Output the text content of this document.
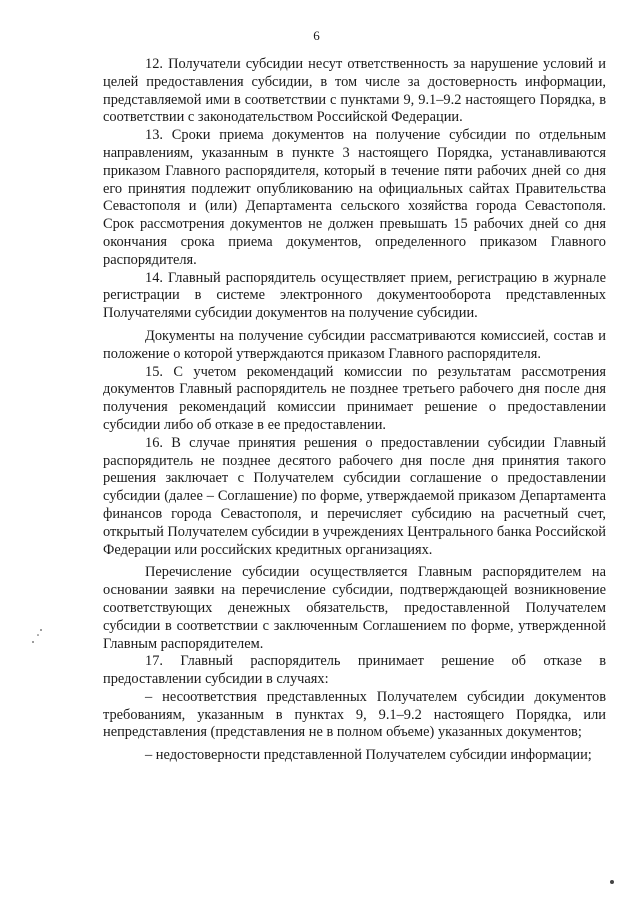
6

12. Получатели субсидии несут ответственность за нарушение условий и целей предоставления субсидии, в том числе за достоверность информации, представляемой ими в соответствии с пунктами 9, 9.1–9.2 настоящего Порядка, в соответствии с законодательством Российской Федерации.

13. Сроки приема документов на получение субсидии по отдельным направлениям, указанным в пункте 3 настоящего Порядка, устанавливаются приказом Главного распорядителя, который в течение пяти рабочих дней со дня его принятия подлежит опубликованию на официальных сайтах Правительства Севастополя и (или) Департамента сельского хозяйства города Севастополя. Срок рассмотрения документов не должен превышать 15 рабочих дней со дня окончания срока приема документов, определенного приказом Главного распорядителя.

14. Главный распорядитель осуществляет прием, регистрацию в журнале регистрации в системе электронного документооборота представленных Получателями субсидии документов на получение субсидии.

Документы на получение субсидии рассматриваются комиссией, состав и положение о которой утверждаются приказом Главного распорядителя.

15. С учетом рекомендаций комиссии по результатам рассмотрения документов Главный распорядитель не позднее третьего рабочего дня после дня получения рекомендаций комиссии принимает решение о предоставлении субсидии либо об отказе в ее предоставлении.

16. В случае принятия решения о предоставлении субсидии Главный распорядитель не позднее десятого рабочего дня после дня принятия такого решения заключает с Получателем субсидии соглашение о предоставлении субсидии (далее – Соглашение) по форме, утверждаемой приказом Департамента финансов города Севастополя, и перечисляет субсидию на расчетный счет, открытый Получателем субсидии в учреждениях Центрального банка Российской Федерации или российских кредитных организациях.

Перечисление субсидии осуществляется Главным распорядителем на основании заявки на перечисление субсидии, подтверждающей возникновение соответствующих денежных обязательств, предоставленной Получателем субсидии в соответствии с заключенным Соглашением по форме, утвержденной Главным распорядителем.

17. Главный распорядитель принимает решение об отказе в предоставлении субсидии в случаях:

– несоответствия представленных Получателем субсидии документов требованиям, указанным в пунктах 9, 9.1–9.2 настоящего Порядка, или непредставления (представления не в полном объеме) указанных документов;

– недостоверности представленной Получателем субсидии информации;
